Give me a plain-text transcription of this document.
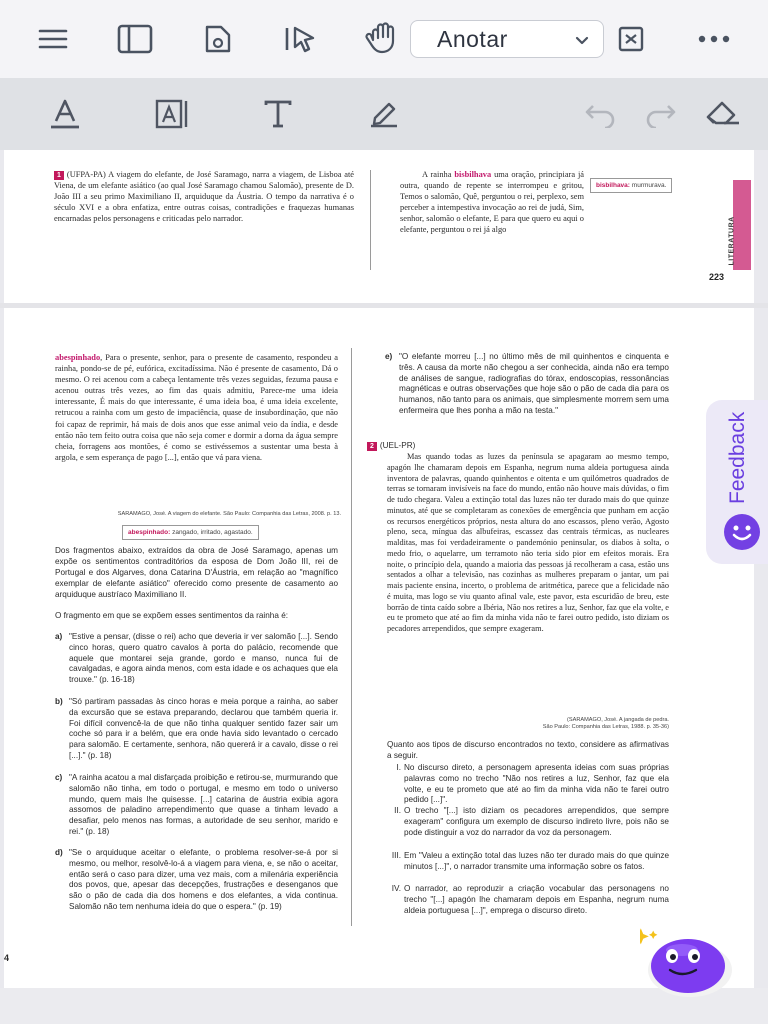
Anotar
1 (UFPA-PA) A viagem do elefante, de José Saramago, narra a viagem, de Lisboa até Viena, de um elefante asiático (ao qual José Saramago chamou Salomão), presente de D. João III a seu primo Maximiliano II, arquiduque da Áustria. O tempo da narrativa é o século XVI e a obra enfatiza, entre outras coisas, contradições e fraquezas humanas encarnadas pelos personagens e criticadas pelo narrador.
A rainha bisbilhava uma oração, principiara já outra, quando de repente se interrompeu e gritou, Temos o salomão, Quê, perguntou o rei, perplexo, sem perceber a intempestiva invocação ao rei de judá, Sim, senhor, salomão o elefante, E para que quero eu aqui o elefante, perguntou o rei já algo
bisbilhava: murmurava.
LITERATURA
223
abespinhado, Para o presente, senhor, para o presente de casamento, respondeu a rainha, pondo-se de pé, eufórica, excitadíssima. Não é presente de casamento, Dá o mesmo. O rei acenou com a cabeça lentamente três vezes seguidas, fezuma pausa e acenou outras três vezes, ao fim das quais admitiu, Parece-me uma ideia interessante, É mais do que interessante, é uma ideia boa, é uma ideia excelente, retrucou a rainha com um gesto de impaciência, quase de insubordinação, que não foi capaz de reprimir, há mais de dois anos que esse animal veio da índia, e desde então não tem feito outra coisa que não seja comer e dormir a dorna da água sempre cheia, forragens aos montões, é como se estivéssemos a sustentar uma besta à argola, e sem esperança de pago [...], então que vá para viena.
SARAMAGO, José. A viagem do elefante. São Paulo: Companhia das Letras, 2008. p. 13.
abespinhado: zangado, irritado, agastado.
Dos fragmentos abaixo, extraídos da obra de José Saramago, apenas um expõe os sentimentos contraditórios da esposa de Dom João III, rei de Portugal e dos Algarves, dona Catarina D'Áustria, em relação ao "magnífico exemplar de elefante asiático" oferecido como presente de casamento ao arquiduque austríaco Maximiliano II.
O fragmento em que se expõem esses sentimentos da rainha é:
a) "Estive a pensar, (disse o rei) acho que deveria ir ver salomão [...]. Sendo cinco horas, quero quatro cavalos à porta do palácio, recomende que aquele que montarei seja grande, gordo e manso, nunca fui de cavalgadas, e agora ainda menos, com esta idade e os achaques que ela trouxe." (p. 16-18)
b) "Só partiram passadas às cinco horas e meia porque a rainha, ao saber da excursão que se estava preparando, declarou que também queria ir. Foi difícil convencê-la de que não tinha qualquer sentido fazer sair um coche só para ir a belém, que era onde havia sido levantado o cercado para salomão. E certamente, senhora, não quererá ir a cavalo, disse o rei [...]." (p. 18)
c) "A rainha acatou a mal disfarçada proibição e retirou-se, murmurando que salomão não tinha, em todo o portugal, e mesmo em todo o universo mundo, quem mais lhe quisesse. [...] catarina de áustria exibia agora assomos de paladino arrependimento que quase a tinham levado a desafiar, pelo menos nas formas, a autoridade de seu senhor, marido e rei." (p. 18)
d) "Se o arquiduque aceitar o elefante, o problema resolver-se-á por si mesmo, ou melhor, resolvê-lo-á a viagem para viena, e, se não o aceitar, então será o caso para dizer, uma vez mais, com a milenária experiência dos povos, que, apesar das decepções, frustrações e desenganos que são o pão de cada dia dos homens e dos elefantes, a vida continua. Salomão não tem nenhuma ideia do que o espera." (p. 19)
e) "O elefante morreu [...] no último mês de mil quinhentos e cinquenta e três. A causa da morte não chegou a ser conhecida, ainda não era tempo de análises de sangue, radiografias do tórax, endoscopias, ressonâncias magnéticas e outras observações que hoje são o pão de cada dia para os humanos, não tanto para os animais, que simplesmente morrem sem uma enfermeira que lhes ponha a mão na testa."
2 (UEL-PR)
Mas quando todas as luzes da península se apagaram ao mesmo tempo, apagón lhe chamaram depois em Espanha, negrum numa aldeia portuguesa ainda inventora de palavras, quando quinhentos e oitenta e um quilómetros quadrados de terras se tornaram invisíveis na face do mundo, então não houve mais dúvidas, o fim de tudo chegara. Valeu a extinção total das luzes não ter durado mais do que quinze minutos, até que se completaram as conexões de emergência que punham em acção os recursos energéticos próprios, nesta altura do ano escassos, pleno verão, Agosto pleno, seca, míngua das albufeiras, escassez das centrais térmicas, as nucleares malditas, mas foi verdadeiramente o pandemónio peninsular, os diabos à solta, o medo frio, o aquelarre, um terramoto não teria sido pior em efeitos morais. Era noite, o princípio dela, quando a maioria das pessoas já recolheram a casa, estão uns sentados a olhar a televisão, nas cozinhas as mulheres preparam o jantar, um pai mais paciente ensina, incerto, o problema de aritmética, parece que a felicidade não é muita, mas logo se viu quanto afinal vale, este pavor, esta escuridão de breu, este borrão de tinta caído sobre a Ibéria, Não nos retires a luz, Senhor, faz que ela volte, e eu te prometo que até ao fim da minha vida não te farei outro pedido, isto diziam os pecadores arrependidos, que sempre exageram.
(SARAMAGO, José. A jangada de pedra.
São Paulo: Companhia das Letras, 1988. p. 35-36)
Quanto aos tipos de discurso encontrados no texto, considere as afirmativas a seguir.
I. No discurso direto, a personagem apresenta ideias com suas próprias palavras como no trecho "Não nos retires a luz, Senhor, faz que ela volte, e eu te prometo que até ao fim da minha vida não te farei outro pedido [...]".
II. O trecho "[...] isto diziam os pecadores arrependidos, que sempre exageram" configura um exemplo de discurso indireto livre, pois não se pode distinguir a voz do narrador da voz da personagem.
III. Em "Valeu a extinção total das luzes não ter durado mais do que quinze minutos [...]", o narrador transmite uma informação sobre os fatos.
IV. O narrador, ao reproduzir a criação vocabular das personagens no trecho "[...] apagón lhe chamaram depois em Espanha, negrum numa aldeia portuguesa [...]", emprega o discurso direto.
4
Feedback
